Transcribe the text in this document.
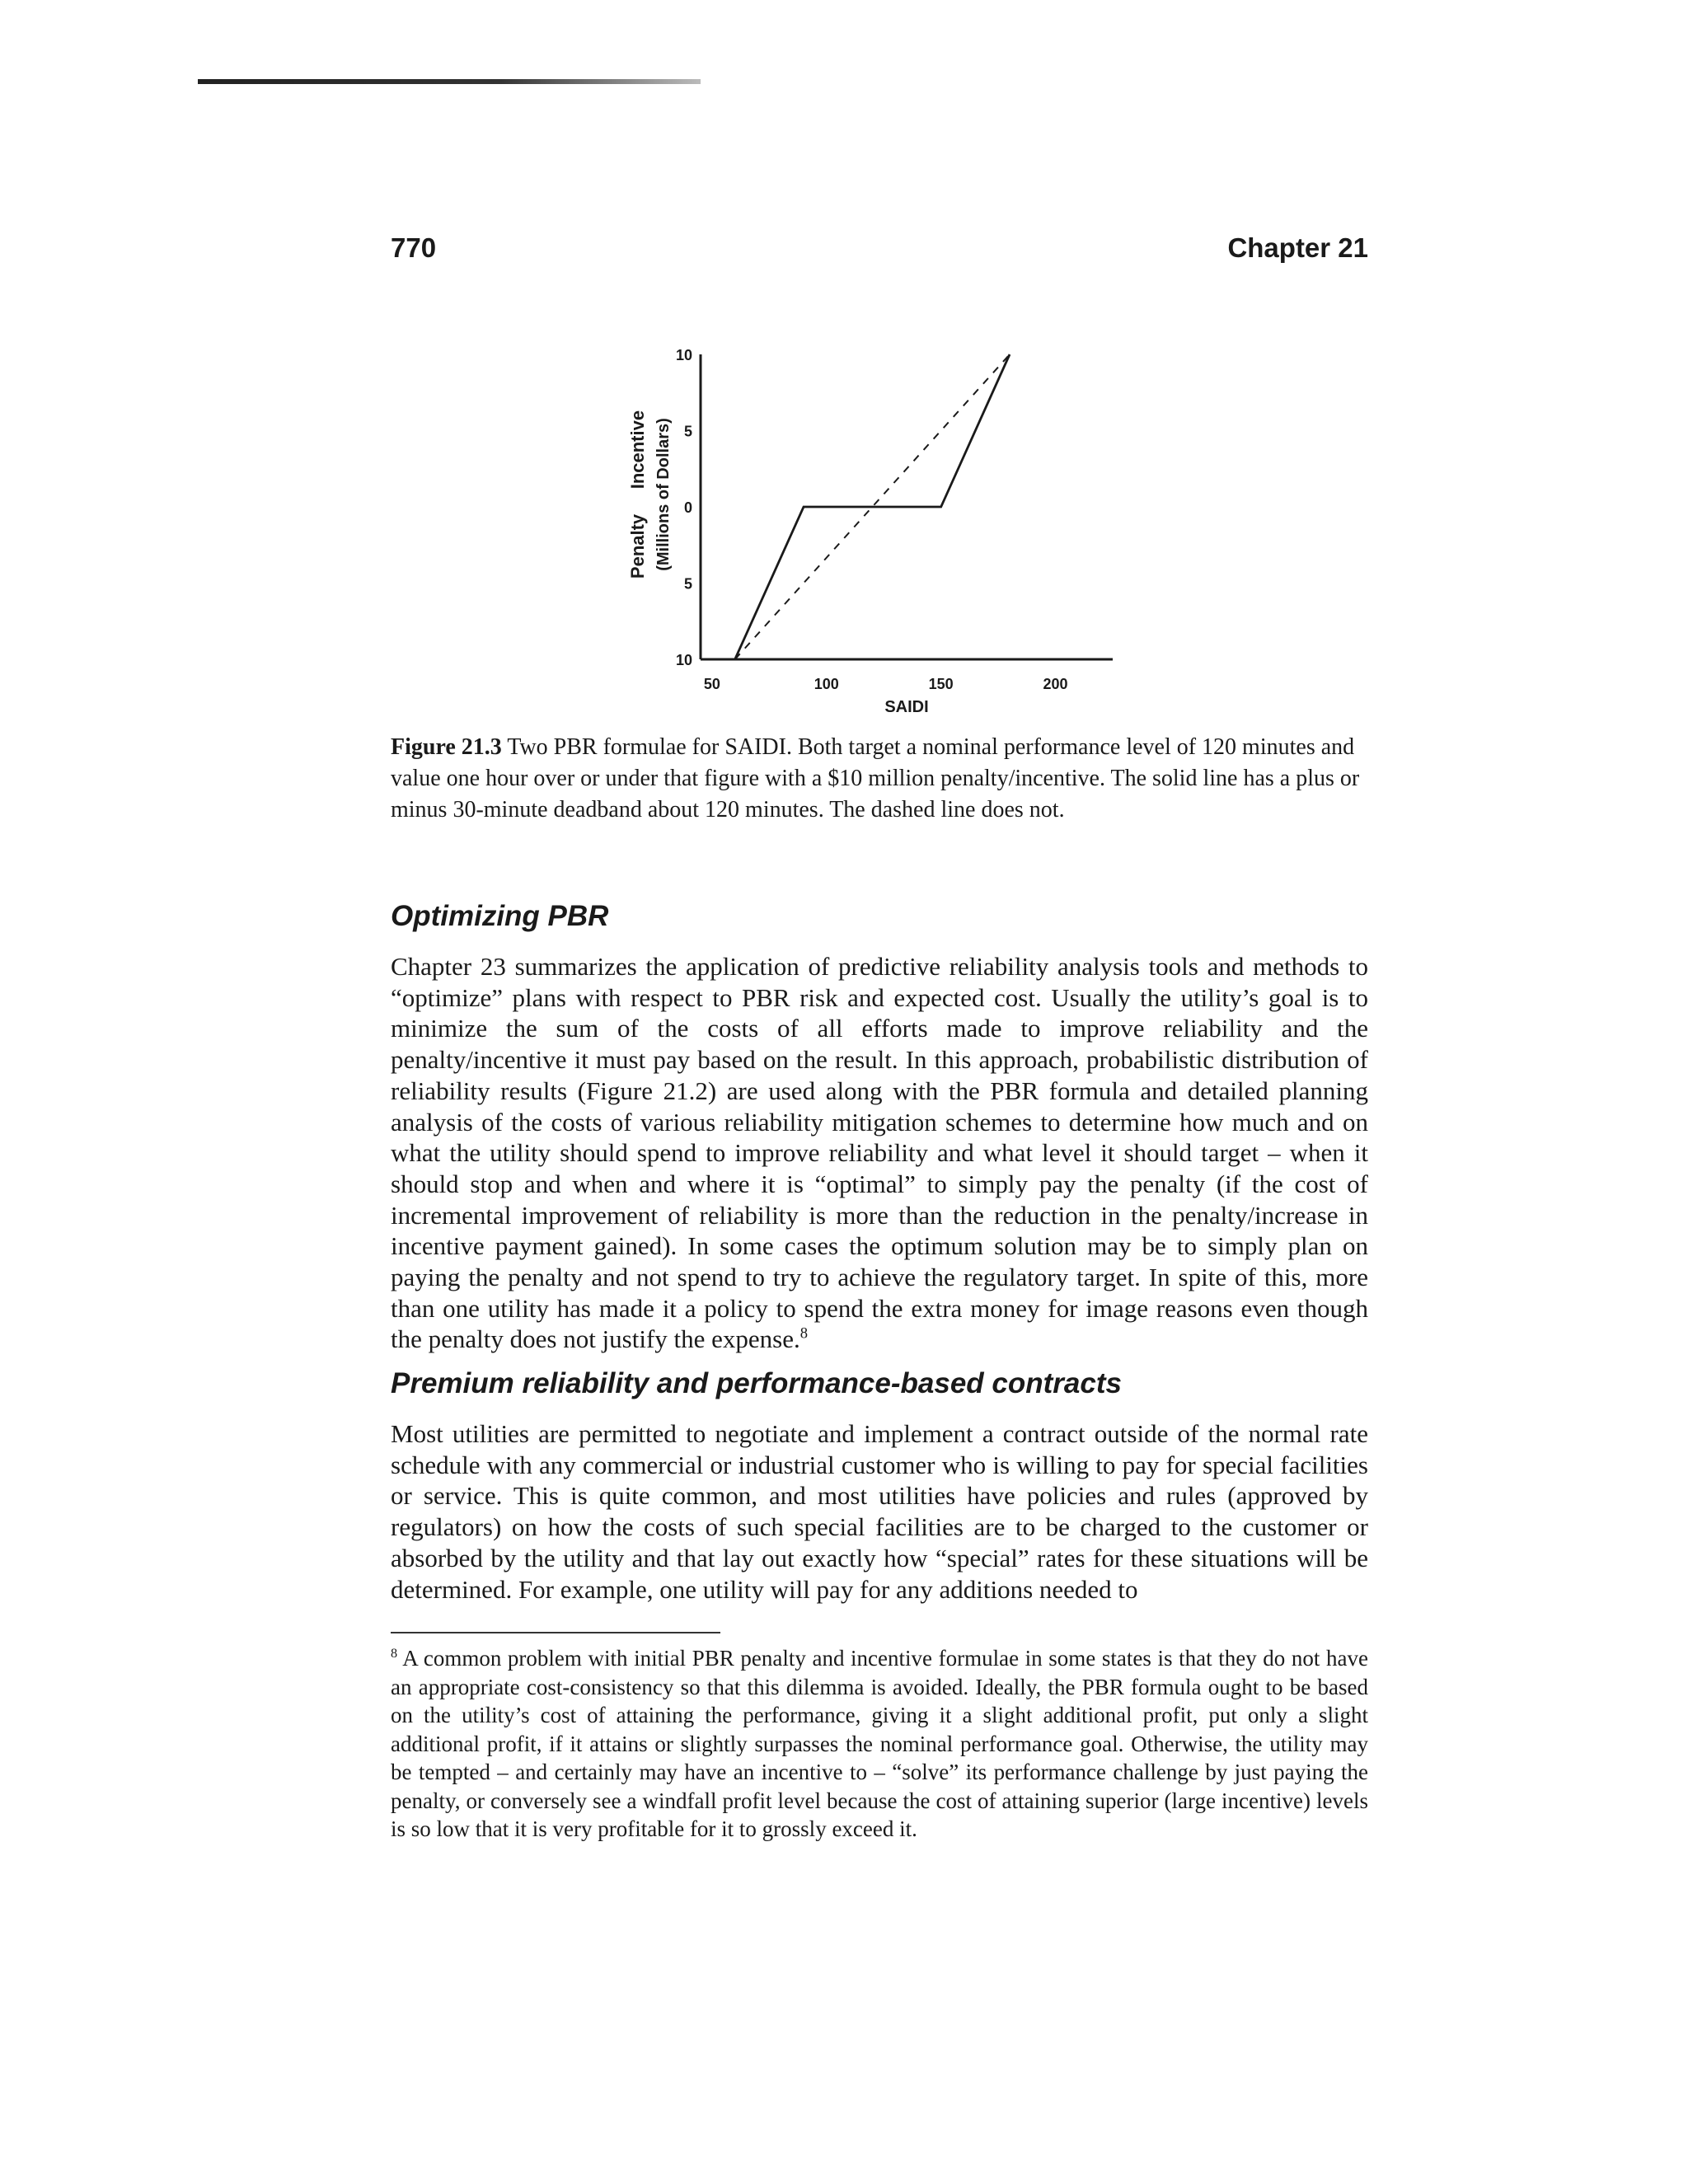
770	Chapter 21
10
5
0
5
10
50	100	150	200
SAIDI
Penalty     Incentive (Millions of Dollars)
Figure 21.3 Two PBR formulae for SAIDI. Both target a nominal performance level of 120 minutes and value one hour over or under that figure with a $10 million penalty/incentive. The solid line has a plus or minus 30-minute deadband about 120 minutes. The dashed line does not.
Optimizing PBR

Chapter 23 summarizes the application of predictive reliability analysis tools and methods to “optimize” plans with respect to PBR risk and expected cost. Usually the utility’s goal is to minimize the sum of the costs of all efforts made to improve reliability and the penalty/incentive it must pay based on the result. In this approach, probabilistic distribution of reliability results (Figure 21.2) are used along with the PBR formula and detailed planning analysis of the costs of various reliability mitigation schemes to determine how much and on what the utility should spend to improve reliability and what level it should target – when it should stop and when and where it is “optimal” to simply pay the penalty (if the cost of incremental improvement of reliability is more than the reduction in the penalty/increase in incentive payment gained). In some cases the optimum solution may be to simply plan on paying the penalty and not spend to try to achieve the regulatory target. In spite of this, more than one utility has made it a policy to spend the extra money for image reasons even though the penalty does not justify the expense.$^8$

Premium reliability and performance-based contracts

Most utilities are permitted to negotiate and implement a contract outside of the normal rate schedule with any commercial or industrial customer who is willing to pay for special facilities or service. This is quite common, and most utilities have policies and rules (approved by regulators) on how the costs of such special facilities are to be charged to the customer or absorbed by the utility and that lay out exactly how “special” rates for these situations will be determined. For example, one utility will pay for any additions needed to

$^8$ A common problem with initial PBR penalty and incentive formulae in some states is that they do not have an appropriate cost-consistency so that this dilemma is avoided. Ideally, the PBR formula ought to be based on the utility’s cost of attaining the performance, giving it a slight additional profit, put only a slight additional profit, if it attains or slightly surpasses the nominal performance goal. Otherwise, the utility may be tempted – and certainly may have an incentive to – “solve” its performance challenge by just paying the penalty, or conversely see a windfall profit level because the cost of attaining superior (large incentive) levels is so low that it is very profitable for it to grossly exceed it.
